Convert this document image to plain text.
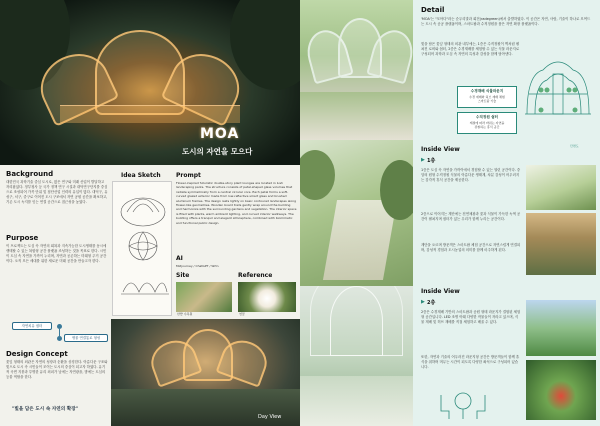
MOA
도시의 자연을 모으다
Day View
Background
대한민국 과학기술 중심 도시로, 많은 연구와 미래 산업이 발달하고 자리잡았다. 정부청사 등 국가 정책 연구 시설과 대덕연구단지를 중심으로 조성되어 가족 단위 및 첨단산업 인력의 유입이 많다. 대덕구, 유성구, 서구, 중구로 이어진 도시 구조에서 자연 공원 공간을 확보하고, 기존 도시 녹지를 잇는 연결 공간으로 접근성을 높였다.
Purpose
이 프로젝트는 도심 속 자연의 회복과 지속가능한 도시생태를 동시에 생태할 수 있는 복합형 공간 플랫폼 조성하는 것을 목표로 한다. 시민이 도심 속 자연을 가까이 누리며, 자연과 공존하는 미래형 주거 공간이다. 오직 모든 세대를 위한 새로운 미래 공간을 만들고자 한다.
자연치유 쉼터
생물 연결통로 형성
Design Concept
꽃잎 형태의 외관은 자연의 성장과 순환을 상징한다. 아름다운 구조와 빛으로 도시 속 시민들이 모이는 도시의 중심이 되고자 하였다. 유기적 곡면 지붕과 투명한 유리 외피가 낮에는 자연광을, 밤에는 도심의 등불 역할을 한다.
"빛을 담은 도시 속 자연의 확장"
Idea Sketch	Prompt
Flower-inspired futuristic double-story plant lounges are located in lush landscaping parks. The structure consists of petal-shaped glass volumes that radiate symmetrically from a central circular core. Each petal forms a soft-curved glazed exterior made from low-reflective smart glass and brushed aluminum frames. The design rests lightly on basic contoured landscapes along flower-like geometries. Wooden board trails gently wrap around the building and harmonize with the surrounding gardens and vegetation. The interior space is filled with plants, warm ambient lighting, and curved interior walkways. The building offers a tranquil and elegant atmosphere, combined with biomimetic and functional public design.
AI
Midjourney / ChatGPT / Wrtn
Site
한밭 수목원
Reference
연꽃
Detail
'MOA'는 "모아다"라는 순우리말과 회전(radegreen)에서 출발하였다. 이 공간은 자연, 사람, 기술이 하나로 모여드는 도시 속 공공 플랫폼이며, 스마트팜과 수직정원을 품은 자연 확장 플랫폼이다.
빛을 담은 꽃잎 형태의 외관 내부에는, 1층은 수직정원이 벽처럼 펼쳐진 로비와 쉼터, 2층은 수경재배를 체험할 수 있는 식물 라운지로 구성되어 과학과 도심 속 자연의 특성과 감성을 함께 담아낸다.
수경재배 식물라운지
수경 재배와 허브 재배 체험
스마트팜 기술
수직정원 쉼터
계절에 따라 바뀌는 자연을
관찰하는 휴식 공간
단면도
Inside View
▶ 1층
1층은 도심 속 자연을 가까이에서 경험할 수 있는 열린 공간이다. 중앙의 원형 수직정원 식물의 아름다운 생태계, 차분 감성이 어우러지는 감각적 휴식 공간을 제공한다.
2층으로 이어지는 계단에는 천연채광과 꽃과 식물이 가득한 녹색 공간이 펼쳐지며 쉼터가 있는 우리가 함께 누리는 공간이다.
계단을 오르며 방문객은 스마트팜 체험 공간으로 자연스럽게 연결되며, 감성적 경험과 도시농업의 의미를 함께 마주하게 된다.
Inside View
▶ 2층
2층은 수경재배 기반의 스마트팜과 공원 형태 라운지가 결합된 체험형 공간입니다. LED 조명 아래 다양한 작물들이 자라고 있으며, 식물 재배 및 허브 재배를 직접 체험하고 배울 수 있다.
또한, 자연과 기술의 어우러진 라운지형 공간은 방문객들이 함께 휴식을 취하며 머무는 시간이 되도록 다양한 좌석으로 구성되어 있습니다.
